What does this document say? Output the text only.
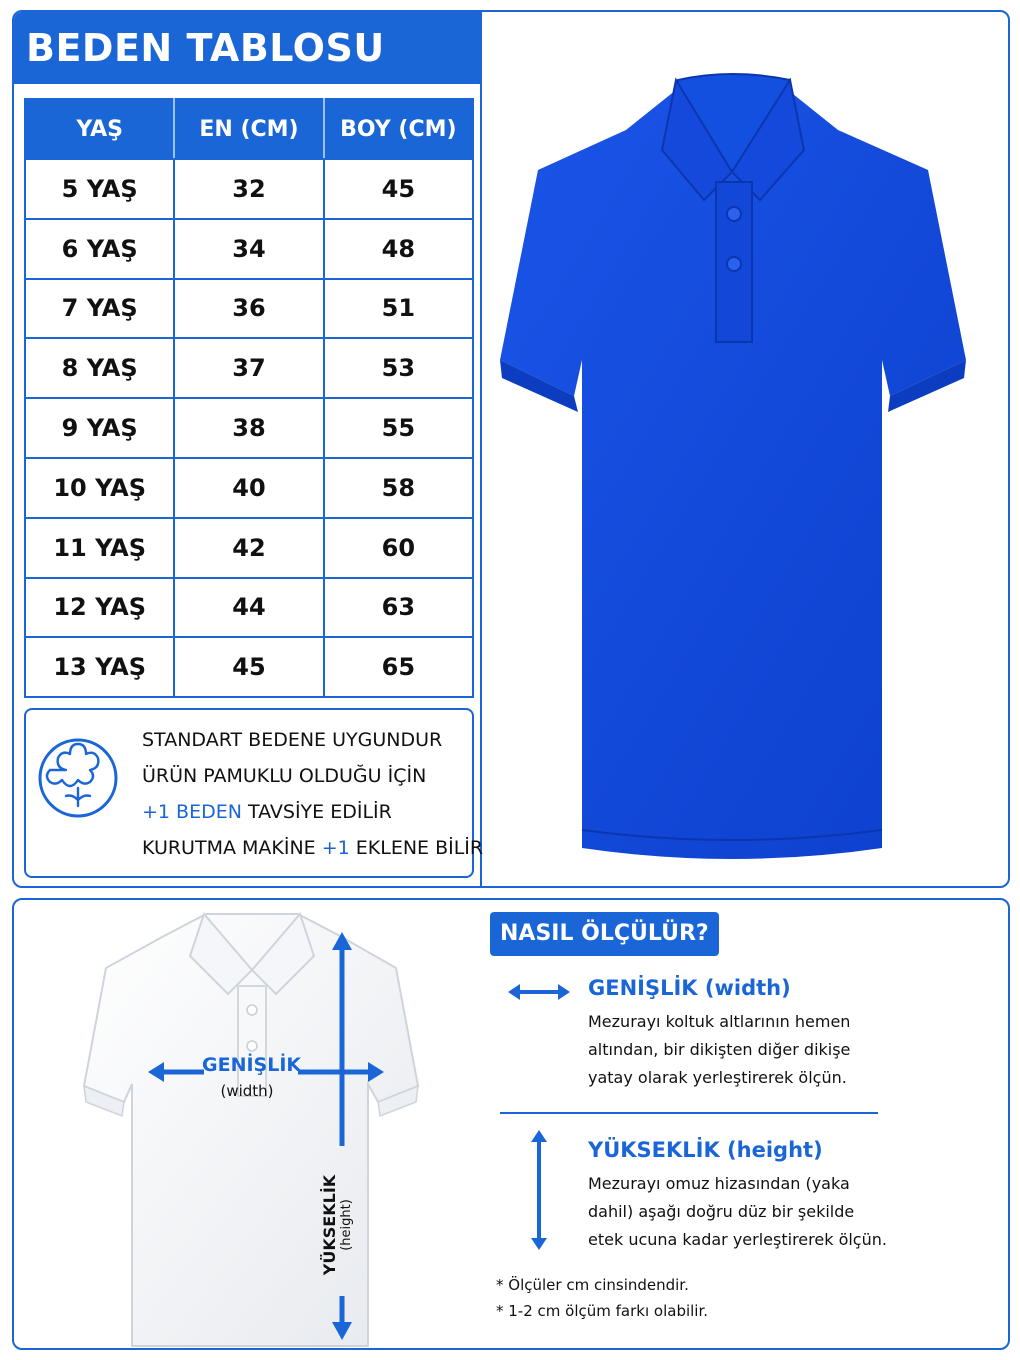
BEDEN TABLOSU
YAŞ	EN (CM)	BOY (CM)
5 YAŞ	32	45
6 YAŞ	34	48
7 YAŞ	36	51
8 YAŞ	37	53
9 YAŞ	38	55
10 YAŞ	40	58
11 YAŞ	42	60
12 YAŞ	44	63
13 YAŞ	45	65
STANDART BEDENE UYGUNDUR
ÜRÜN PAMUKLU OLDUĞU İÇİN
+1 BEDEN TAVSİYE EDİLİR
KURUTMA MAKİNE +1 EKLENE BİLİR
GENİŞLİK
(width)
YÜKSEKLİK (height)
NASIL ÖLÇÜLÜR?
GENİŞLİK (width)
Mezurayı koltuk altlarının hemen
altından, bir dikişten diğer dikişe
yatay olarak yerleştirerek ölçün.
YÜKSEKLİK (height)
Mezurayı omuz hizasından (yaka
dahil) aşağı doğru düz bir şekilde
etek ucuna kadar yerleştirerek ölçün.
* Ölçüler cm cinsindendir.
* 1-2 cm ölçüm farkı olabilir.
